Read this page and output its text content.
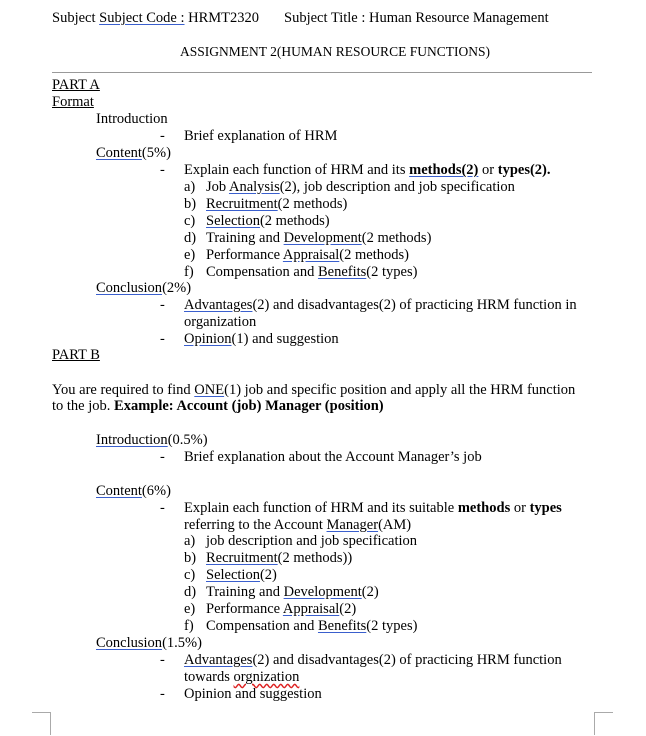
Subject Subject Code : HRMT2320 Subject Title : Human Resource Management
ASSIGNMENT 2(HUMAN RESOURCE FUNCTIONS)
PART A
Format
Introduction
- Brief explanation of HRM
Content(5%)
- Explain each function of HRM and its methods(2) or types(2).
a) Job Analysis(2), job description and job specification
b) Recruitment(2 methods)
c) Selection(2 methods)
d) Training and Development(2 methods)
e) Performance Appraisal(2 methods)
f) Compensation and Benefits(2 types)
Conclusion(2%)
- Advantages(2) and disadvantages(2) of practicing HRM function in
organization
- Opinion(1) and suggestion
PART B
You are required to find ONE(1) job and specific position and apply all the HRM function
to the job. Example: Account (job) Manager (position)
Introduction(0.5%)
- Brief explanation about the Account Manager’s job
Content(6%)
- Explain each function of HRM and its suitable methods or types
referring to the Account Manager(AM)
a) job description and job specification
b) Recruitment(2 methods))
c) Selection(2)
d) Training and Development(2)
e) Performance Appraisal(2)
f) Compensation and Benefits(2 types)
Conclusion(1.5%)
- Advantages(2) and disadvantages(2) of practicing HRM function
towards orgnization
- Opinion and suggestion
